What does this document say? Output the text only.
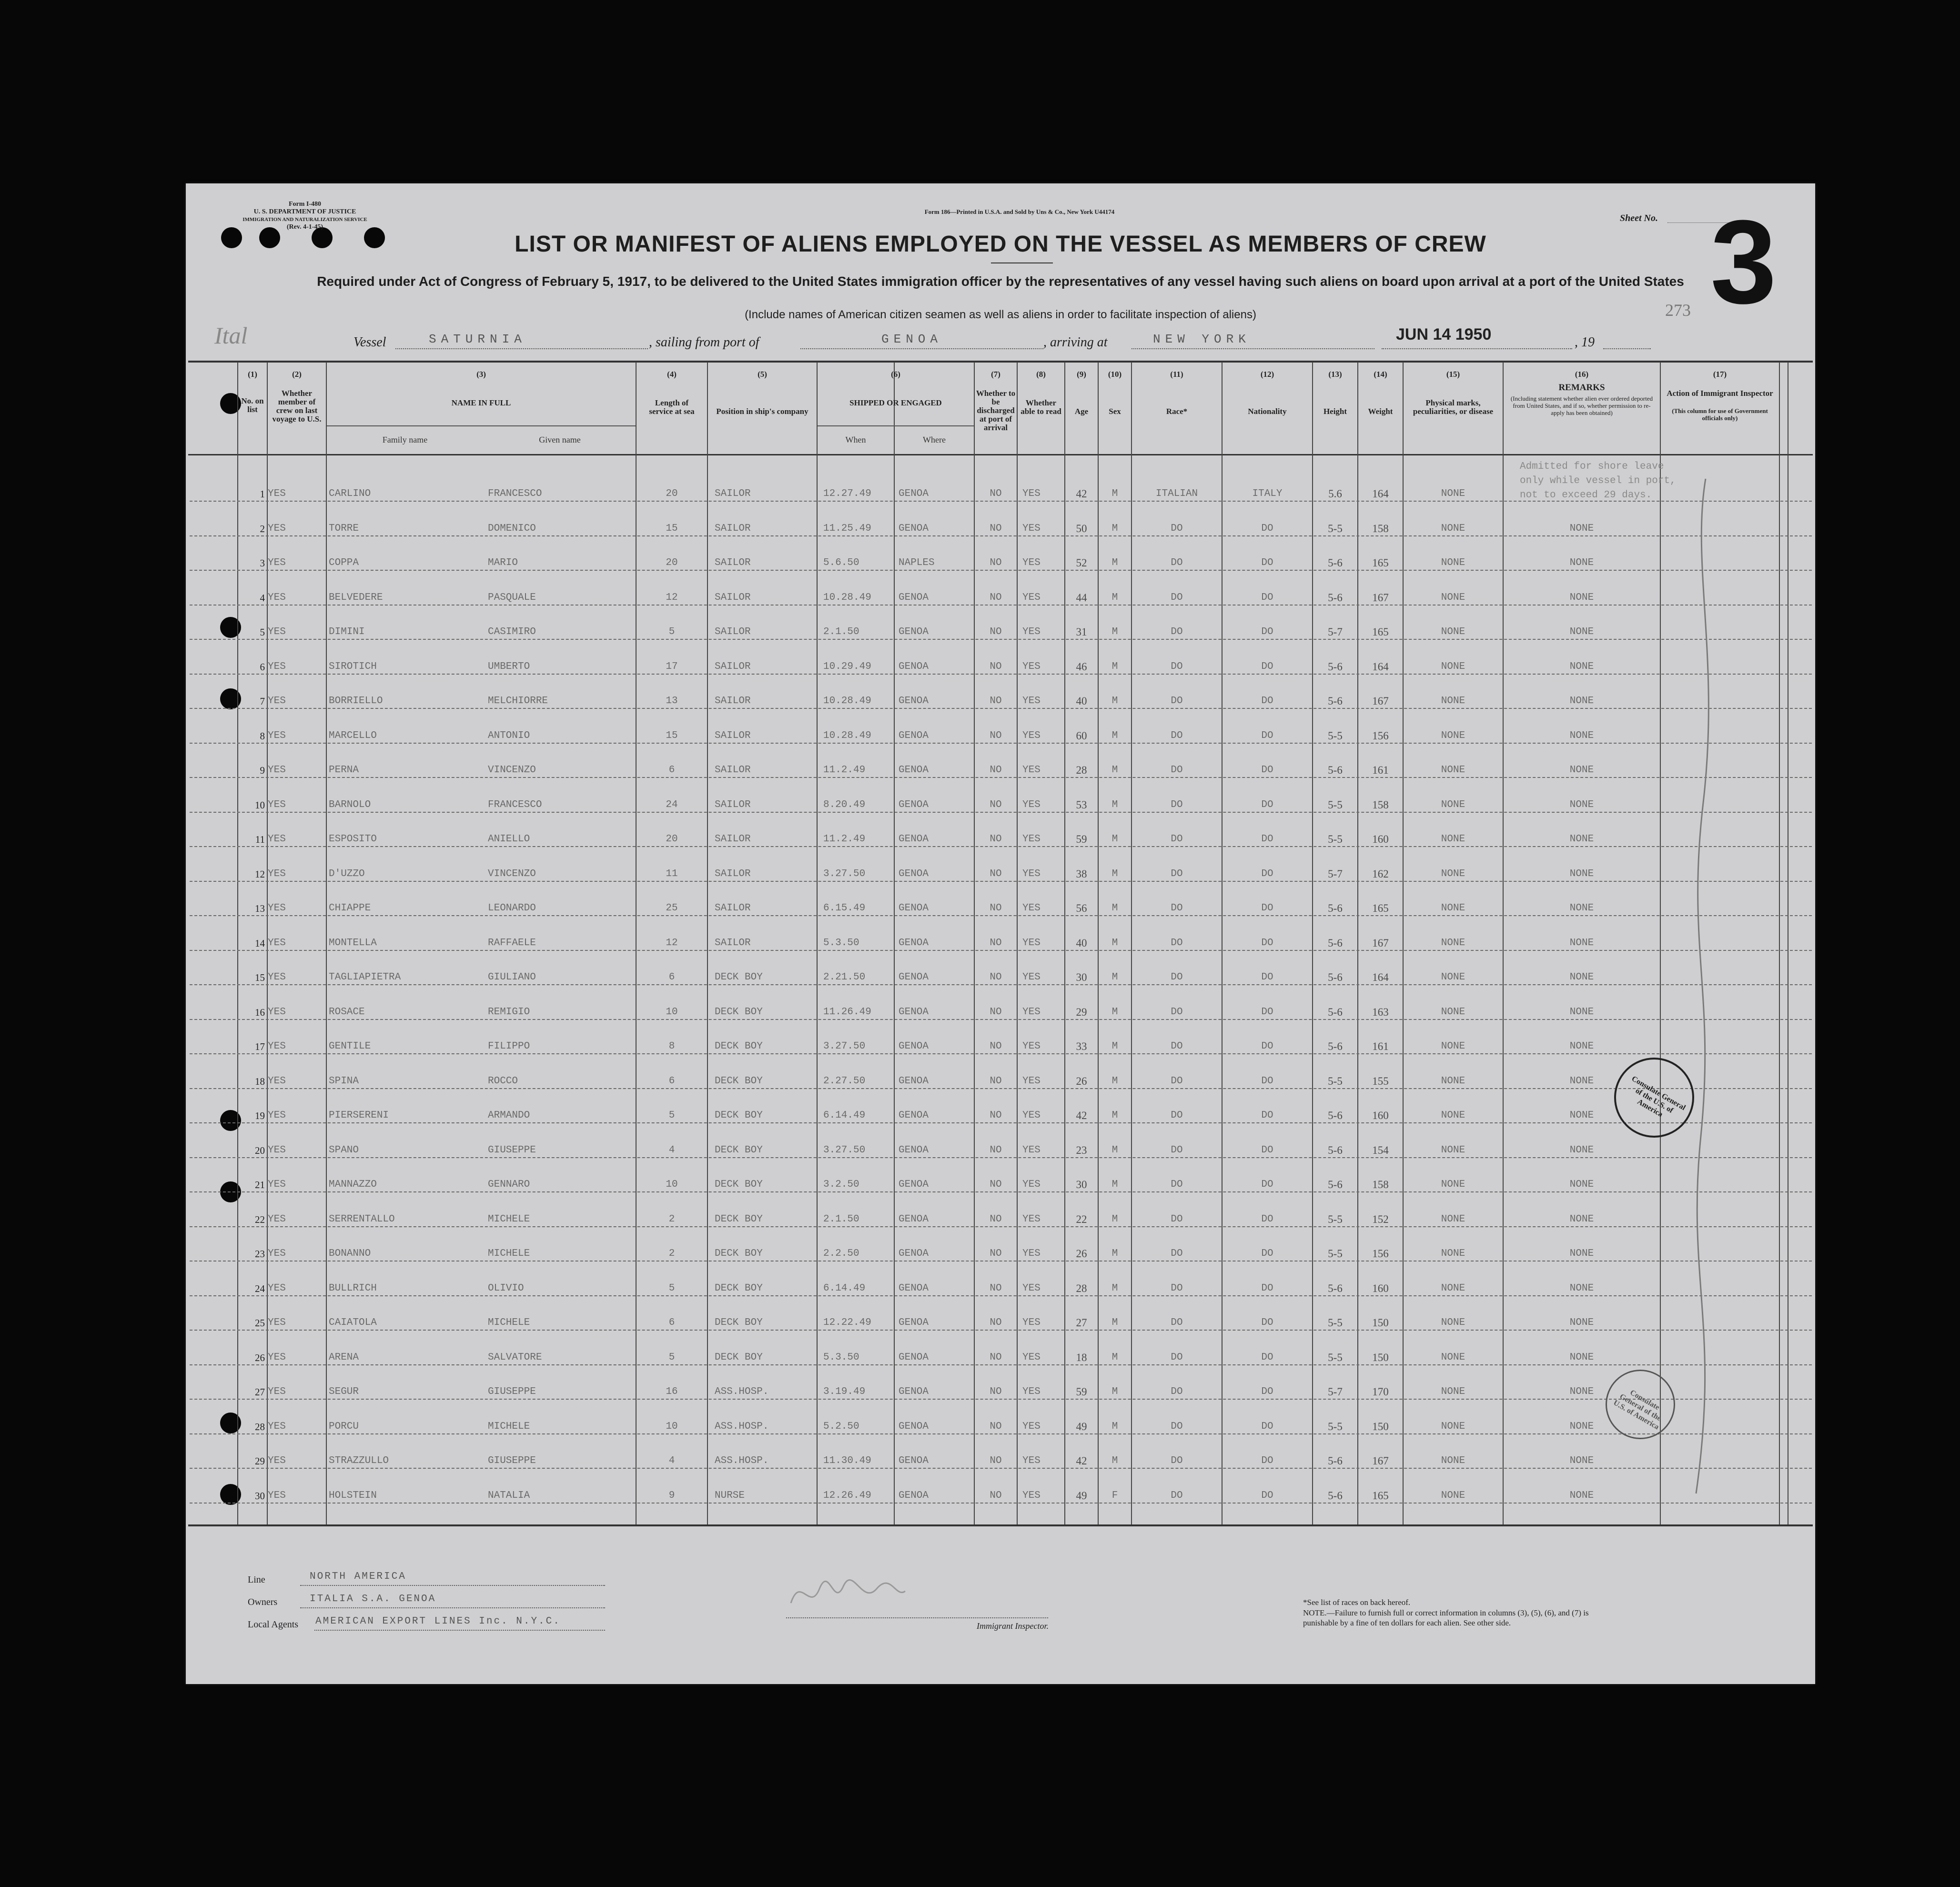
Form I-480
U. S. DEPARTMENT OF JUSTICE
IMMIGRATION AND NATURALIZATION SERVICE
(Rev. 4-1-45)
Form 186—Printed in U.S.A. and Sold by Uns & Co., New York U44174
Sheet No. 3
273
LIST OR MANIFEST OF ALIENS EMPLOYED ON THE VESSEL AS MEMBERS OF CREW
Required under Act of Congress of February 5, 1917, to be delivered to the United States immigration officer by the representatives of any vessel having such aliens on board upon arrival at a port of the United States
(Include names of American citizen seamen as well as aliens in order to facilitate inspection of aliens)
Ital	Vessel	SATURNIA	, sailing from port of	GENOA	, arriving at	NEW YORK	JUN 14 1950	, 19
(1)
No. on list
(2)
Whether member of crew on last voyage to U.S.
(3)
NAME IN FULL
Family name	Given name
(4)
Length of service at sea
(5)
Position in ship's company
(6)
SHIPPED OR ENGAGED
When	Where
(7)
Whether to be discharged at port of arrival
(8)
Whether able to read
(9)
Age
(10)
Sex
(11)
Race*
(12)
Nationality
(13)
Height
(14)
Weight
(15)
Physical marks, peculiarities, or disease
(16)
REMARKS
(Including statement whether alien ever ordered deported from United States, and if so, whether permission to re-apply has been obtained)
(17)
Action of Immigrant Inspector
(This column for use of Government officials only)
1 YES	CARLINO	FRANCESCO	20	SAILOR	12.27.49	GENOA	NO	YES	42	M	ITALIAN	ITALY	5.6	164	NONE
2 YES	TORRE	DOMENICO	15	SAILOR	11.25.49	GENOA	NO	YES	50	M	DO	DO	5-5	158	NONE	NONE
3 YES	COPPA	MARIO	20	SAILOR	5.6.50	NAPLES	NO	YES	52	M	DO	DO	5-6	165	NONE	NONE
4 YES	BELVEDERE	PASQUALE	12	SAILOR	10.28.49	GENOA	NO	YES	44	M	DO	DO	5-6	167	NONE	NONE
5 YES	DIMINI	CASIMIRO	5	SAILOR	2.1.50	GENOA	NO	YES	31	M	DO	DO	5-7	165	NONE	NONE
6 YES	SIROTICH	UMBERTO	17	SAILOR	10.29.49	GENOA	NO	YES	46	M	DO	DO	5-6	164	NONE	NONE
7 YES	BORRIELLO	MELCHIORRE	13	SAILOR	10.28.49	GENOA	NO	YES	40	M	DO	DO	5-6	167	NONE	NONE
8 YES	MARCELLO	ANTONIO	15	SAILOR	10.28.49	GENOA	NO	YES	60	M	DO	DO	5-5	156	NONE	NONE
9 YES	PERNA	VINCENZO	6	SAILOR	11.2.49	GENOA	NO	YES	28	M	DO	DO	5-6	161	NONE	NONE
10 YES	BARNOLO	FRANCESCO	24	SAILOR	8.20.49	GENOA	NO	YES	53	M	DO	DO	5-5	158	NONE	NONE
11 YES	ESPOSITO	ANIELLO	20	SAILOR	11.2.49	GENOA	NO	YES	59	M	DO	DO	5-5	160	NONE	NONE
12 YES	D'UZZO	VINCENZO	11	SAILOR	3.27.50	GENOA	NO	YES	38	M	DO	DO	5-7	162	NONE	NONE
13 YES	CHIAPPE	LEONARDO	25	SAILOR	6.15.49	GENOA	NO	YES	56	M	DO	DO	5-6	165	NONE	NONE
14 YES	MONTELLA	RAFFAELE	12	SAILOR	5.3.50	GENOA	NO	YES	40	M	DO	DO	5-6	167	NONE	NONE
15 YES	TAGLIAPIETRA	GIULIANO	6	DECK BOY	2.21.50	GENOA	NO	YES	30	M	DO	DO	5-6	164	NONE	NONE
16 YES	ROSACE	REMIGIO	10	DECK BOY	11.26.49	GENOA	NO	YES	29	M	DO	DO	5-6	163	NONE	NONE
17 YES	GENTILE	FILIPPO	8	DECK BOY	3.27.50	GENOA	NO	YES	33	M	DO	DO	5-6	161	NONE	NONE
18 YES	SPINA	ROCCO	6	DECK BOY	2.27.50	GENOA	NO	YES	26	M	DO	DO	5-5	155	NONE	NONE
19 YES	PIERSERENI	ARMANDO	5	DECK BOY	6.14.49	GENOA	NO	YES	42	M	DO	DO	5-6	160	NONE	NONE
20 YES	SPANO	GIUSEPPE	4	DECK BOY	3.27.50	GENOA	NO	YES	23	M	DO	DO	5-6	154	NONE	NONE
21 YES	MANNAZZO	GENNARO	10	DECK BOY	3.2.50	GENOA	NO	YES	30	M	DO	DO	5-6	158	NONE	NONE
22 YES	SERRENTALLO	MICHELE	2	DECK BOY	2.1.50	GENOA	NO	YES	22	M	DO	DO	5-5	152	NONE	NONE
23 YES	BONANNO	MICHELE	2	DECK BOY	2.2.50	GENOA	NO	YES	26	M	DO	DO	5-5	156	NONE	NONE
24 YES	BULLRICH	OLIVIO	5	DECK BOY	6.14.49	GENOA	NO	YES	28	M	DO	DO	5-6	160	NONE	NONE
25 YES	CAIATOLA	MICHELE	6	DECK BOY	12.22.49	GENOA	NO	YES	27	M	DO	DO	5-5	150	NONE	NONE
26 YES	ARENA	SALVATORE	5	DECK BOY	5.3.50	GENOA	NO	YES	18	M	DO	DO	5-5	150	NONE	NONE
27 YES	SEGUR	GIUSEPPE	16	ASS.HOSP.	3.19.49	GENOA	NO	YES	59	M	DO	DO	5-7	170	NONE	NONE
28 YES	PORCU	MICHELE	10	ASS.HOSP.	5.2.50	GENOA	NO	YES	49	M	DO	DO	5-5	150	NONE	NONE
29 YES	STRAZZULLO	GIUSEPPE	4	ASS.HOSP.	11.30.49	GENOA	NO	YES	42	M	DO	DO	5-6	167	NONE	NONE
30 YES	HOLSTEIN	NATALIA	9	NURSE	12.26.49	GENOA	NO	YES	49	F	DO	DO	5-6	165	NONE	NONE
Admitted for shore leave only while vessel in port, not to exceed 29 days.
Consulate General of the U.S. of America
Consulate General of the U.S. of America
Line	NORTH AMERICA
Owners	ITALIA S.A. GENOA
Local Agents AMERICAN EXPORT LINES Inc. N.Y.C.	Immigrant Inspector.
*See list of races on back hereof.
NOTE.—Failure to furnish full or correct information in columns (3), (5), (6), and (7) is punishable by a fine of ten dollars for each alien. See other side.
